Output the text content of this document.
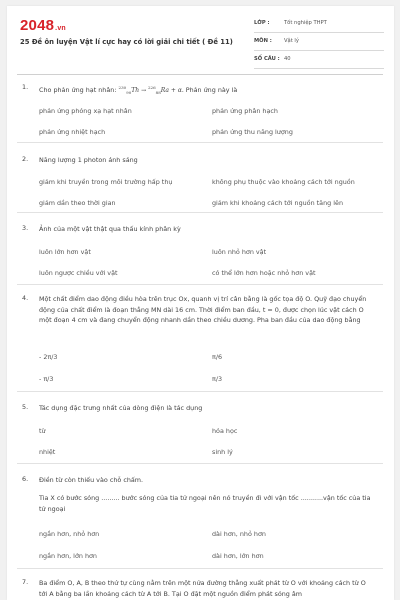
2048.vn
25 Đề ôn luyện Vật lí cực hay có lời giải chi tiết ( Đề 11)
LỚP :	Tốt nghiệp THPT
MÔN : Vật lý
SỐ CÂU : 40
1. Cho phản ứng hạt nhân: $^{230}_{90}$Th → $^{226}_{88}$Ra + α. Phản ứng này là
phản ứng phóng xạ hạt nhân	phản ứng phân hạch
phản ứng nhiệt hạch	phản ứng thu năng lượng
2. Năng lượng 1 photon ánh sáng
giảm khi truyền trong môi trường hấp thụ	không phụ thuộc vào khoảng cách tới nguồn
giảm dần theo thời gian	giảm khi khoảng cách tới nguồn tăng lên
3. Ảnh của một vật thật qua thấu kính phân kỳ
luôn lớn hơn vật	luôn nhỏ hơn vật
luôn ngược chiều với vật	có thể lớn hơn hoặc nhỏ hơn vật
4. Một chất điểm dao động điều hòa trên trục Ox, quanh vị trí cân bằng là gốc tọa độ O. Quỹ đạo chuyển động của chất điểm là đoạn thẳng MN dài 16 cm. Thời điểm ban đầu, t = 0, được chọn lúc vật cách O một đoạn 4 cm và đang chuyển động nhanh dần theo chiều dương. Pha ban đầu của dao động bằng
- 2π/3	π/6
- π/3	π/3
5. Tác dụng đặc trưng nhất của dòng điện là tác dụng
từ	hóa học
nhiệt	sinh lý
6. Điền từ còn thiếu vào chỗ chấm.
Tia X có bước sóng ......... bước sóng của tia tử ngoại nên nó truyền đi với vận tốc ...........vận tốc của tia tử ngoại
ngắn hơn, nhỏ hơn	dài hơn, nhỏ hơn
ngắn hơn, lớn hơn	dài hơn, lớn hơn
7. Ba điểm O, A, B theo thứ tự cùng nằm trên một nửa đường thẳng xuất phát từ O với khoảng cách từ O tới A bằng ba lần khoảng cách từ A tới B. Tại O đặt một nguồn điểm phát sóng âm
